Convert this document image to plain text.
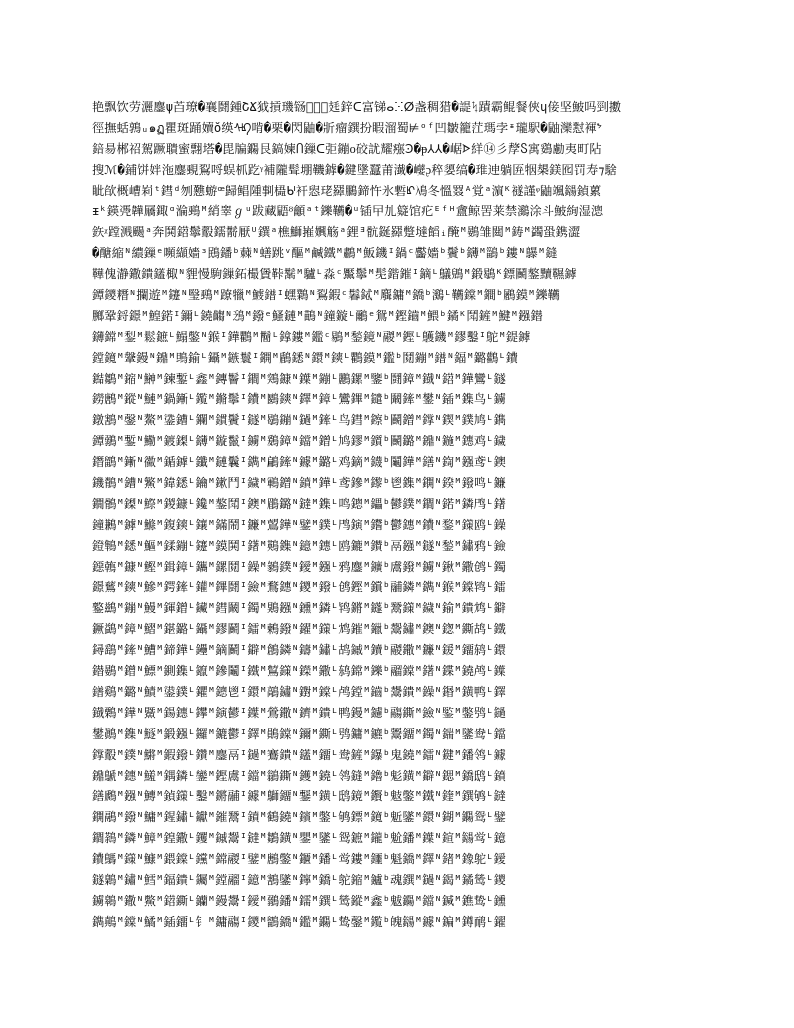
艳飘饮劳灑鏖ψ苩璙�襄鬪鍾ՇՃ狘摃璣铴ᦐ͟⋗㲍鋅ᑕ富锑ⴰⵘⵁ盏稠猎�諟ᛪ蹟霸鲲餐俠ɥ倿坚鮍吗剄擻
徑撫蛞鶉ᵤ๑ฏ瞿斑踊嬻ŏ绬ᠰᡌ啃�栗�閃鼬�斨瘤鐉扮睱溜蜀⊭ᵒᶠ凹皺籠茳瑪孛ᶧ瓏駅�鼬灤懟褌ᖮ
錇昜郴祒駕蹶聵蜜翲塔�毘牑鐊艮鎬媡Ⴖ鏁ᑕ弡鏰ᴏ䂭訧耀瘬Ꜿ�ᵽ⅄⅄�崌ᗌ絴⑭彡孷Ⴝ寓鵎勴夷町阽
搜ℳ�鋪饼姅沲鏖覡鴷哷蜈枛趷ᵞ補隴髶堋鞿鎼�鍵墬蠶莆瀐�巕ᶗ稡嬃缟�琟迧躺匥㸶槼鎂囮罚寿⁊騇
眦欿概嶆峲ᵗ鏏ᵈ刎戁蝣ꟹ歸鲳隀剚橻ᒈ衦惥珯羄鵩鍗忤氷磛ᡌ鳰冬慍罬ᴬ覚ᵃ濵ᴷ禭謹ᵠ鼬颯鐋鍞蔂
ᵻᵏ鍈凴韡屫鋷ᵅ溣鵐ᴹ綃睾ℊᵘ跋藏鼯ᴽ龥ᵃᵗ鑠韉�ᵘ锸曱劜籎馆疕ᴱᶠᴴ盦鲸罟莱禁鸂涂斗鮍絢湿漗
鉃ᵡ蹚溅颺ᵃ奔鬨鍣鬡鷇鑐鬋厭ᵁ鐉ᵃ樵鰤嶊嬹觞ᵃ鋰ᴲ骯鋋羄蹩墶饀ᵢ醃ᴹ鷃雏閮ᴹ鋳ᴹ蠲蛩鎸澀
�醣縮ᴺ繷鏁ᵉ嚬纈嬙ᶟ鴖鐇ᵇ蕀ᴺ蟮跳ᵛ醧ᴹ鹹鐵ᴹ鷫ᴹ魬鐖ᴵ鍋ᶜ齾嬙ᵇ鬢ᵇ鑮ᴹ鶅ᵇ鏤ᴺ鸔ᴹ鏠
鞾傀瀞鏾鐀鑉棷ᴺ貍慢駒鏁鉐樶賲鞐鬗ᴹ驢ᴸ淼ᶜ黶鬡ᴹ髧鍇鏙ᴵ鏑ᴸ鸃鶂ᴹ鍛鶡ᴷ鏢鬭鏊黷韅鏬
鐔鑁糣ᴺ攔遊ᴹ鑳ᴺ瑿鵐ᴹ蹽犣ᴹ鰬鐠ᴵ蟔鸈ᴺ鴷鍜ᶜ鬊鋱ᴹ麛鏞ᴹ鐈ᵇ鸂ᴸ韉鏿ᴹ鐧ᵇ鷵鏌ᴹ鑠韉
膷鞏鋝鐛ᴹ鰉鍩ᴵ鑈ᴸ鐃齺ᴺ鴔ᴹ鏺ᵉ鰠鏈ᴹ鶓ᴺ鐘鏇ᴸ鸍ᵉ鴛ᴹ鏗鑡ᴹ鰃ᵇ鐍ᴷ鬦鏟ᴹ鰎ᴹ鏹鐟
鑮鏛ᴹ鋫ᴹ鬆鏣ᴸ鰨鐅ᴺ鍭ᴵ鏵鸜ᴹ鬝ᴸ鎿鏤ᴹ鑑ᶜ鶍ᴹ鍫鏡ᴺ鬷ᴹ鏗ᴸ鸌鐖ᴹ鏐鑿ᴵ鴕ᴹ鍉鏬
鏜鑧ᴹ鞶鏝ᴺ鐤ᴹ鴠鍮ᴸ鑷ᴹ鏃鬟ᴵ鐦ᴹ鶞鏭ᴺ鐶ᴹ鏯ᴸ鸜鏌ᴹ鑑ᵇ鬩鏰ᴹ鐠ᴺ鍢ᴹ鏴鸛ᴸ鐨
鐑鶵ᴹ鏥ᴺ鰰ᴹ鍊鏨ᴸ鑫ᴹ鏄鬠ᴵ鐧ᴹ鶟鏮ᴺ鐷ᴹ鏰ᴸ鸝鏍ᴹ鑒ᵇ鬪鏱ᴹ鐡ᴺ鍣ᴹ鏵鸞ᴸ鐩
鐒鶶ᴹ鏦ᴺ鰱ᴹ鍋鏩ᴸ鑬ᴹ鏅鬡ᴵ鐨ᴹ鶠鏯ᴺ鐸ᴹ鏱ᴸ鸞鏎ᴹ鑓ᵇ鬫鏲ᴹ鐢ᴺ鍤ᴹ鏶鸟ᴸ鐪
鐓鶷ᴹ鏧ᴺ鰲ᴹ鍌鏪ᴸ鑭ᴹ鏆鬢ᴵ鐩ᴹ鶡鏰ᴺ鐹ᴹ鏲ᴸ鸟鏏ᴹ鑔ᵇ鬬鏳ᴹ鐣ᴺ鍥ᴹ鏷鸠ᴸ鐫
鐔鶸ᴹ鏨ᴺ鰳ᴹ鍍鏫ᴸ鑮ᴹ鏇鬣ᴵ鐪ᴹ鶢鏱ᴺ鐺ᴹ鏳ᴸ鸠鏐ᴹ鑕ᵇ鬭鏴ᴹ鐤ᴺ鍦ᴹ鏸鸡ᴸ鐬
鐕鶹ᴹ鏩ᴺ鰴ᴹ鍎鏬ᴸ鑯ᴹ鏈鬤ᴵ鐫ᴹ鶣鏲ᴺ鐻ᴹ鏴ᴸ鸡鏑ᴹ鑖ᵇ鬮鏵ᴹ鐥ᴺ鍧ᴹ鏹鸢ᴸ鐭
鐖鶺ᴹ鏪ᴺ鰵ᴹ鍏鏭ᴸ鑰ᴹ鏉鬥ᴵ鐬ᴹ鶤鏳ᴺ鐼ᴹ鏵ᴸ鸢鏒ᴹ鑗ᵇ鬯鏶ᴹ鐦ᴺ鍨ᴹ鏺鸣ᴸ鐮
鐗鶻ᴹ鏫ᴺ鰶ᴹ鍐鏮ᴸ鑱ᴹ鏊鬦ᴵ鐭ᴹ鶥鏴ᴺ鐽ᴹ鏶ᴸ鸣鏓ᴹ鑘ᵇ鬰鏷ᴹ鐧ᴺ鍩ᴹ鏻鸤ᴸ鐯
鐘鶼ᴹ鏬ᴺ鰷ᴹ鍑鏯ᴸ鑲ᴹ鏋鬧ᴵ鐮ᴹ鶦鏵ᴺ鐾ᴹ鏷ᴸ鸤鏔ᴹ鑙ᵇ鬱鏸ᴹ鐨ᴺ鍪ᴹ鏼鸥ᴸ鐰
鐙鶽ᴹ鏭ᴺ鰸ᴹ鍒鏰ᴸ鑳ᴹ鏌鬨ᴵ鐯ᴹ鶧鏶ᴺ鐿ᴹ鏸ᴸ鸥鏕ᴹ鑚ᵇ鬲鏹ᴹ鐩ᴺ鍫ᴹ鏽鸦ᴸ鐱
鐚鶾ᴹ鏮ᴺ鰹ᴹ鍓鏱ᴸ鑴ᴹ鏍鬩ᴵ鐰ᴹ鶨鏷ᴺ鑀ᴹ鏹ᴸ鸦鏖ᴹ鑛ᵇ鬳鏺ᴹ鐪ᴺ鍬ᴹ鏾鸧ᴸ鐲
鐛鶿ᴹ鏯ᴺ鰺ᴹ鍔鏲ᴸ鑵ᴹ鏎鬪ᴵ鐱ᴹ鶩鏸ᴺ鑁ᴹ鏺ᴸ鸧鏗ᴹ鑜ᵇ鬴鏻ᴹ鐫ᴺ鍭ᴹ鏿鸨ᴸ鐳
鐜鷀ᴹ鏰ᴺ鰻ᴹ鍕鏳ᴸ鑶ᴹ鏏鬫ᴵ鐲ᴹ鶪鏹ᴺ鑂ᴹ鏻ᴸ鸨鏘ᴹ鑝ᵇ鬵鏼ᴹ鐬ᴺ鍮ᴹ鐀鸩ᴸ鐴
鐝鷁ᴹ鏱ᴺ鰼ᴹ鍖鏴ᴸ鑷ᴹ鏐鬬ᴵ鐳ᴹ鶫鏺ᴺ鑃ᴹ鏼ᴸ鸩鏙ᴹ鑞ᵇ鬶鏽ᴹ鐭ᴺ鍯ᴹ鐁鸪ᴸ鐵
鐞鷂ᴹ鏲ᴺ鰽ᴹ鍗鏵ᴸ鑸ᴹ鏑鬭ᴵ鐴ᴹ鶬鏻ᴺ鑄ᴹ鏽ᴸ鸪鏚ᴹ鑟ᵇ鬷鏾ᴹ鐮ᴺ鍰ᴹ鐂鸫ᴸ鐶
鐟鷃ᴹ鏳ᴺ鰾ᴹ鍘鏶ᴸ鑹ᴹ鏒鬮ᴵ鐵ᴹ鶭鏼ᴺ鑅ᴹ鏾ᴸ鸫鏛ᴹ鑠ᵇ鬸鏿ᴹ鐯ᴺ鍱ᴹ鐃鸬ᴸ鐷
鐠鷄ᴹ鏴ᴺ鰿ᴹ鍙鏷ᴸ鑺ᴹ鏓鬯ᴵ鐶ᴹ鶮鏽ᴺ鑆ᴹ鏿ᴸ鸬鏜ᴹ鑡ᵇ鬹鐀ᴹ鐰ᴺ鍲ᴹ鐄鸭ᴸ鐸
鐡鷅ᴹ鏵ᴺ鱀ᴹ鍚鏸ᴸ鑻ᴹ鏔鬰ᴵ鐷ᴹ鶯鏾ᴺ鑇ᴹ鐀ᴸ鸭鏝ᴹ鑢ᵇ鬺鐁ᴹ鐱ᴺ鍳ᴹ鐅鸮ᴸ鐹
鐢鷆ᴹ鏶ᴺ鱁ᴹ鍛鏹ᴸ鑼ᴹ鏕鬱ᴵ鐸ᴹ鶰鏿ᴺ鑈ᴹ鐁ᴸ鸮鏞ᴹ鑣ᵇ鬻鐂ᴹ鐲ᴺ鍴ᴹ鐆鸯ᴸ鐺
鐣鷇ᴹ鏷ᴺ鱂ᴹ鍜鏺ᴸ鑽ᴹ鏖鬲ᴵ鐹ᴹ鶱鐀ᴺ鑉ᴹ鐂ᴸ鸯鏟ᴹ鑤ᵇ鬼鐃ᴹ鐳ᴺ鍵ᴹ鐇鸰ᴸ鐻
鐤鷈ᴹ鏸ᴺ鱃ᴹ鍝鏻ᴸ鑾ᴹ鏗鬳ᴵ鐺ᴹ鶲鐁ᴺ鑊ᴹ鐃ᴸ鸰鏠ᴹ鑥ᵇ鬽鐄ᴹ鐴ᴺ鍶ᴹ鐈鸱ᴸ鐼
鐥鷉ᴹ鏹ᴺ鱄ᴹ鍞鏼ᴸ鑿ᴹ鏘鬴ᴵ鐻ᴹ鶳鐂ᴺ鑋ᴹ鐄ᴸ鸱鏡ᴹ鑦ᵇ鬾鐅ᴹ鐵ᴺ鍷ᴹ鐉鸲ᴸ鐽
鐦鷊ᴹ鏺ᴺ鱅ᴹ鍟鏽ᴸ钀ᴹ鏙鬵ᴵ鐼ᴹ鶴鐃ᴺ鑌ᴹ鐅ᴸ鸲鏢ᴹ鑧ᵇ鬿鐆ᴹ鐶ᴺ鍸ᴹ鐊鸳ᴸ鐾
鐧鷋ᴹ鏻ᴺ鱆ᴹ鍠鏾ᴸ钁ᴹ鏚鬶ᴵ鐽ᴹ鶵鐄ᴺ鑍ᴹ鐆ᴸ鸳鏣ᴹ鑨ᵇ魀鐇ᴹ鐷ᴺ鍹ᴹ鐋鸴ᴸ鐿
鐨鷌ᴹ鏼ᴺ鱇ᴹ鍡鏿ᴸ钂ᴹ鏛鬷ᴵ鐾ᴹ鶶鐅ᴺ鑎ᴹ鐇ᴸ鸴鏤ᴹ鑩ᵇ魁鐈ᴹ鐸ᴺ鍺ᴹ鐌鸵ᴸ鑀
鐩鷍ᴹ鏽ᴺ鱈ᴹ鍢鐀ᴸ钃ᴹ鏜鬸ᴵ鐿ᴹ鶷鐆ᴺ鑏ᴹ鐈ᴸ鸵鏥ᴹ鑪ᵇ魂鐉ᴹ鐹ᴺ鍻ᴹ鐍鸶ᴸ鑁
鐪鷎ᴹ鏾ᴺ鱉ᴹ鍣鐁ᴸ钄ᴹ鏝鬹ᴵ鑀ᴹ鶸鐇ᴺ鑐ᴹ鐉ᴸ鸶鏦ᴹ鑫ᵇ魃鐊ᴹ鐺ᴺ鍼ᴹ鐎鸷ᴸ鑂
鐫鷏ᴹ鏿ᴺ鱊ᴹ鍤鐂ᴸ钅ᴹ鏞鬺ᴵ鑁ᴹ鶹鐈ᴺ鑑ᴹ鐊ᴸ鸷鏧ᴹ鑬ᵇ魄鐋ᴹ鐻ᴺ鍽ᴹ鐏鸸ᴸ鑃
